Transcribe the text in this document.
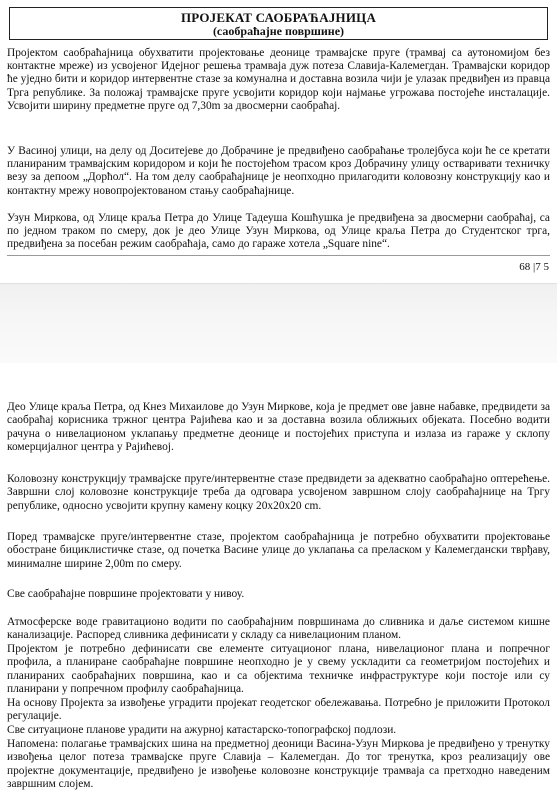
ПРОЈЕКАТ САОБРАЋАЈНИЦА
(саобраћајне површине)

Пројектом саобраћајница обухватити пројектовање деонице трамвајске пруге (трамвај са аутономијом без контактне мреже) из усвојеног Идејног решења трамваја дуж потеза Славија-Калемегдан. Трамвајски коридор ће уједно бити и коридор интервентне стазе за комунална и доставна возила чији је улазак предвиђен из правца Трга републике. За положај трамвајске пруге усвојити коридор који најмање угрожава постојеће инсталације. Усвојити ширину предметне пруге од 7,30m за двосмерни саобраћај.

У Васиној улици, на делу од Доситејеве до Добрачине је предвиђено саобраћање тролејбуса који ће се кретати планираним трамвајским коридором и који ће постојећом трасом кроз Добрачину улицу остваривати техничку везу за депоом „Дорћол“. На том делу саобраћајнице је неопходно прилагодити коловозну конструкцију као и контактну мрежу новопројектованом стању саобраћајнице.

Узун Миркова, од Улице краља Петра до Улице Тадеуша Кошћушка је предвиђена за двосмерни саобраћај, са по једном траком по смеру, док је део Улице Узун Миркова, од Улице краља Петра до Студентског трга, предвиђена за посебан режим саобраћаја, само до гараже хотела „Square nine“.

68 |7 5

Део Улице краља Петра, од Кнез Михаилове до Узун Миркове, која је предмет ове јавне набавке, предвидети за саобраћај корисника тржног центра Рајићева као и за доставна возила оближњих објеката. Посебно водити рачуна о нивелационом уклапању предметне деонице и постојећих приступа и излаза из гараже у склопу комерцијалног центра у Рајићевој.

Коловозну конструкцију трамвајске пруге/интервентне стазе предвидети за адекватно саобраћајно оптерећење. Завршни слој коловозне конструкције треба да одговара усвојеном завршном слоју саобраћајнице на Тргу републике, односно усвојити крупну камену коцку 20x20x20 cm.

Поред трамвајске пруге/интервентне стазе, пројектом саобраћајница је потребно обухватити пројектовање обостране бициклистичке стазе, од почетка Васине улице до уклапања са преласком у Калемегдански тврђаву, минималне ширине 2,00m по смеру.

Све саобраћајне површине пројектовати у нивоу.

Атмосферске воде гравитационо водити по саобраћајним површинама до сливника и даље системом кишне канализације. Распоред сливника дефинисати у складу са нивелационим планом.

Пројектом је потребно дефинисати све елементе ситуационог плана, нивелационог плана и попречног профила, а планиране саобраћајне површине неопходно је у свему ускладити са геометријом постојећих и планираних саобраћајних површина, као и са објектима техничке инфраструктуре који постоје или су планирани у попречном профилу саобраћајница.

На основу Пројекта за извођење уградити пројекат геодетског обележавања. Потребно је приложити Протокол регулације.

Све ситуационе планове урадити на ажурној катастарско-топографској подлози.

Напомена: полагање трамвајских шина на предметној деоници Васина-Узун Миркова је предвиђено у тренутку извођења целог потеза трамвајске пруге Славија – Калемегдан. До тог тренутка, кроз реализацију ове пројектне документације, предвиђено је извођење коловозне конструкције трамваја са претходно наведеним завршним слојем.
